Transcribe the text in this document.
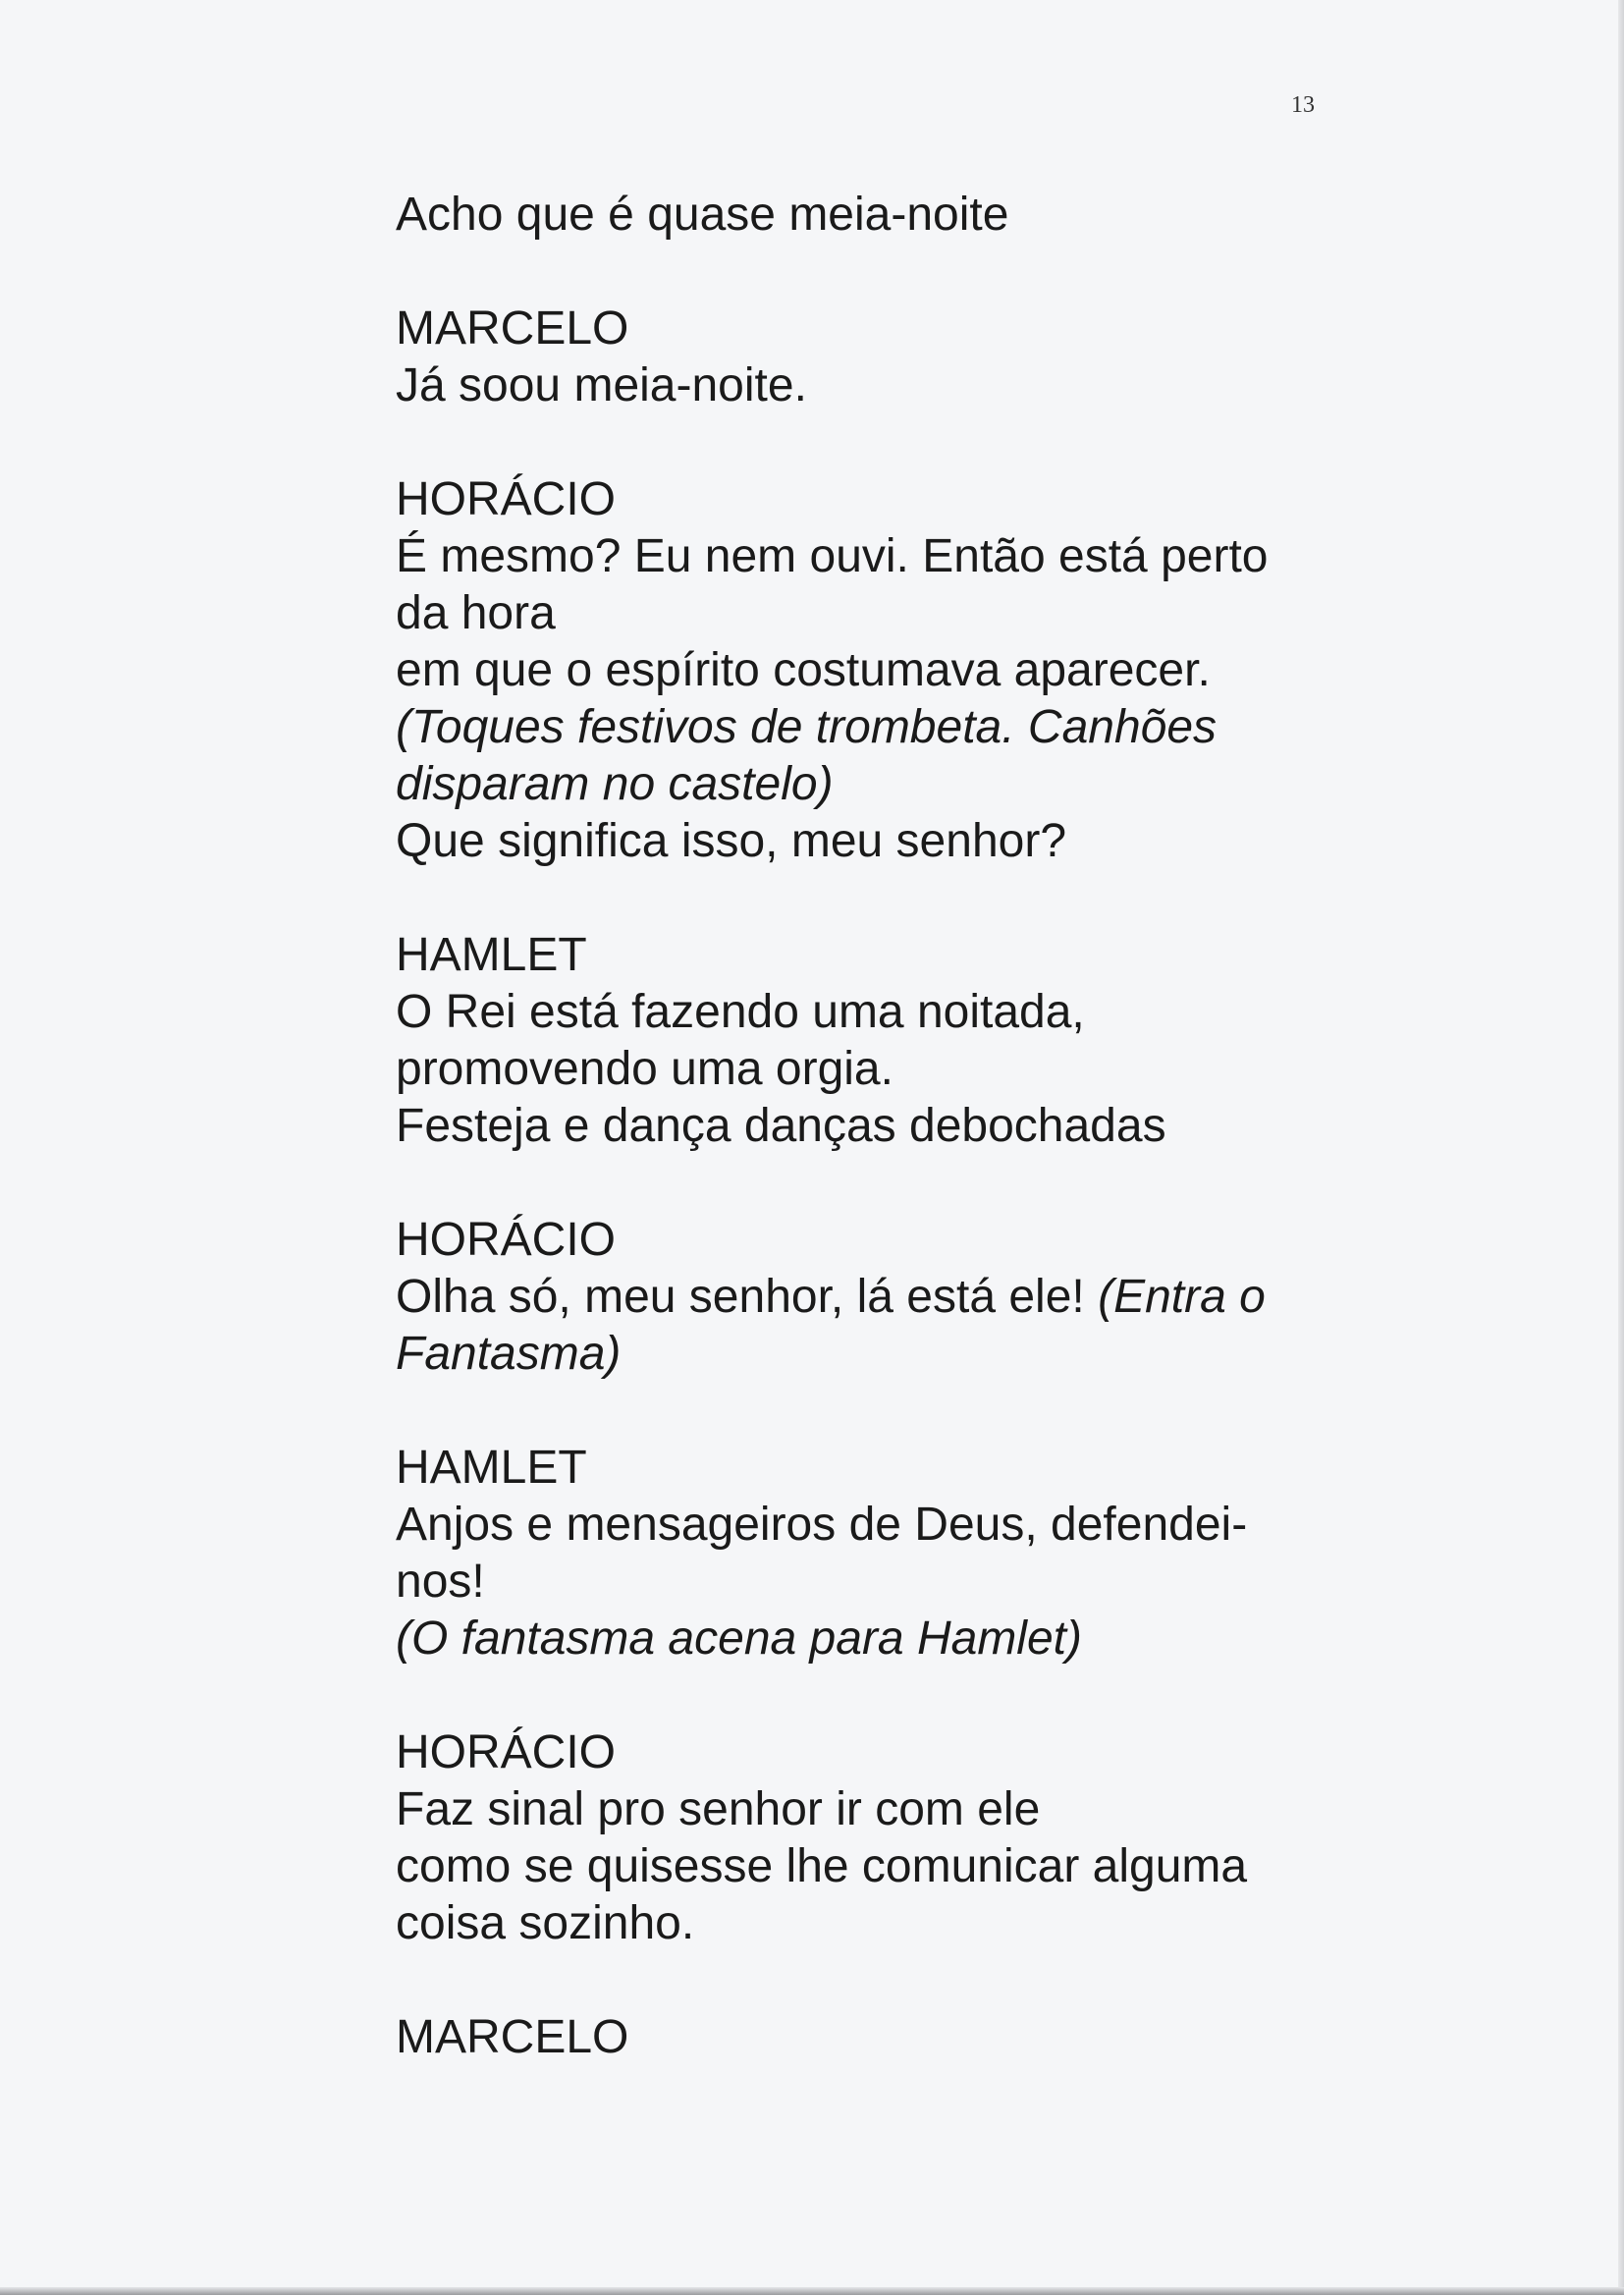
13
Acho que é quase meia-noite
MARCELO
Já soou meia-noite.
HORÁCIO
É mesmo? Eu nem ouvi. Então está perto
da hora
em que o espírito costumava aparecer.
(Toques festivos de trombeta. Canhões
disparam no castelo)
Que significa isso, meu senhor?
HAMLET
O Rei está fazendo uma noitada,
promovendo uma orgia.
Festeja e dança danças debochadas
HORÁCIO
Olha só, meu senhor, lá está ele! (Entra o
Fantasma)
HAMLET
Anjos e mensageiros de Deus, defendei-
nos!
(O fantasma acena para Hamlet)
HORÁCIO
Faz sinal pro senhor ir com ele
como se quisesse lhe comunicar alguma
coisa sozinho.
MARCELO
